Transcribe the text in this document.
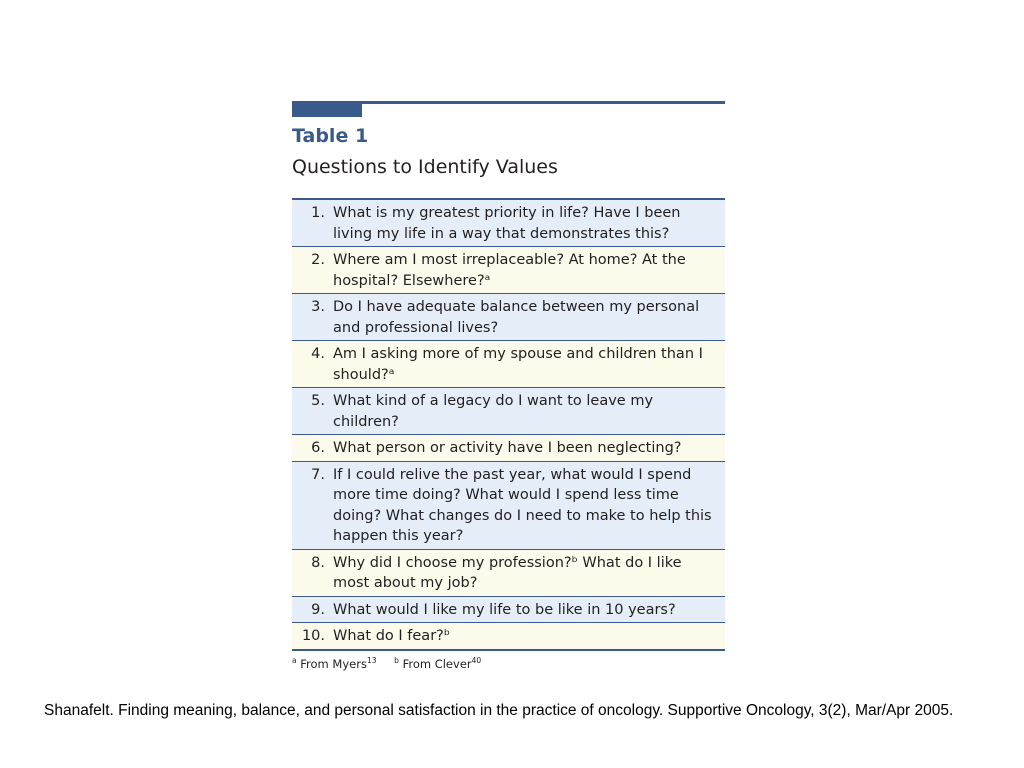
Table 1
Questions to Identify Values
1. What is my greatest priority in life? Have I been living my life in a way that demonstrates this?
2. Where am I most irreplaceable? At home? At the hospital? Elsewhere?ᵃ
3. Do I have adequate balance between my personal and professional lives?
4. Am I asking more of my spouse and children than I should?ᵃ
5. What kind of a legacy do I want to leave my children?
6. What person or activity have I been neglecting?
7. If I could relive the past year, what would I spend more time doing? What would I spend less time doing? What changes do I need to make to help this happen this year?
8. Why did I choose my profession?ᵇ What do I like most about my job?
9. What would I like my life to be like in 10 years?
10. What do I fear?ᵇ
$^a$ From Myers$^{13}$ $^b$ From Clever$^{40}$
Shanafelt. Finding meaning, balance, and personal satisfaction in the practice of oncology. Supportive Oncology, 3(2), Mar/Apr 2005.
